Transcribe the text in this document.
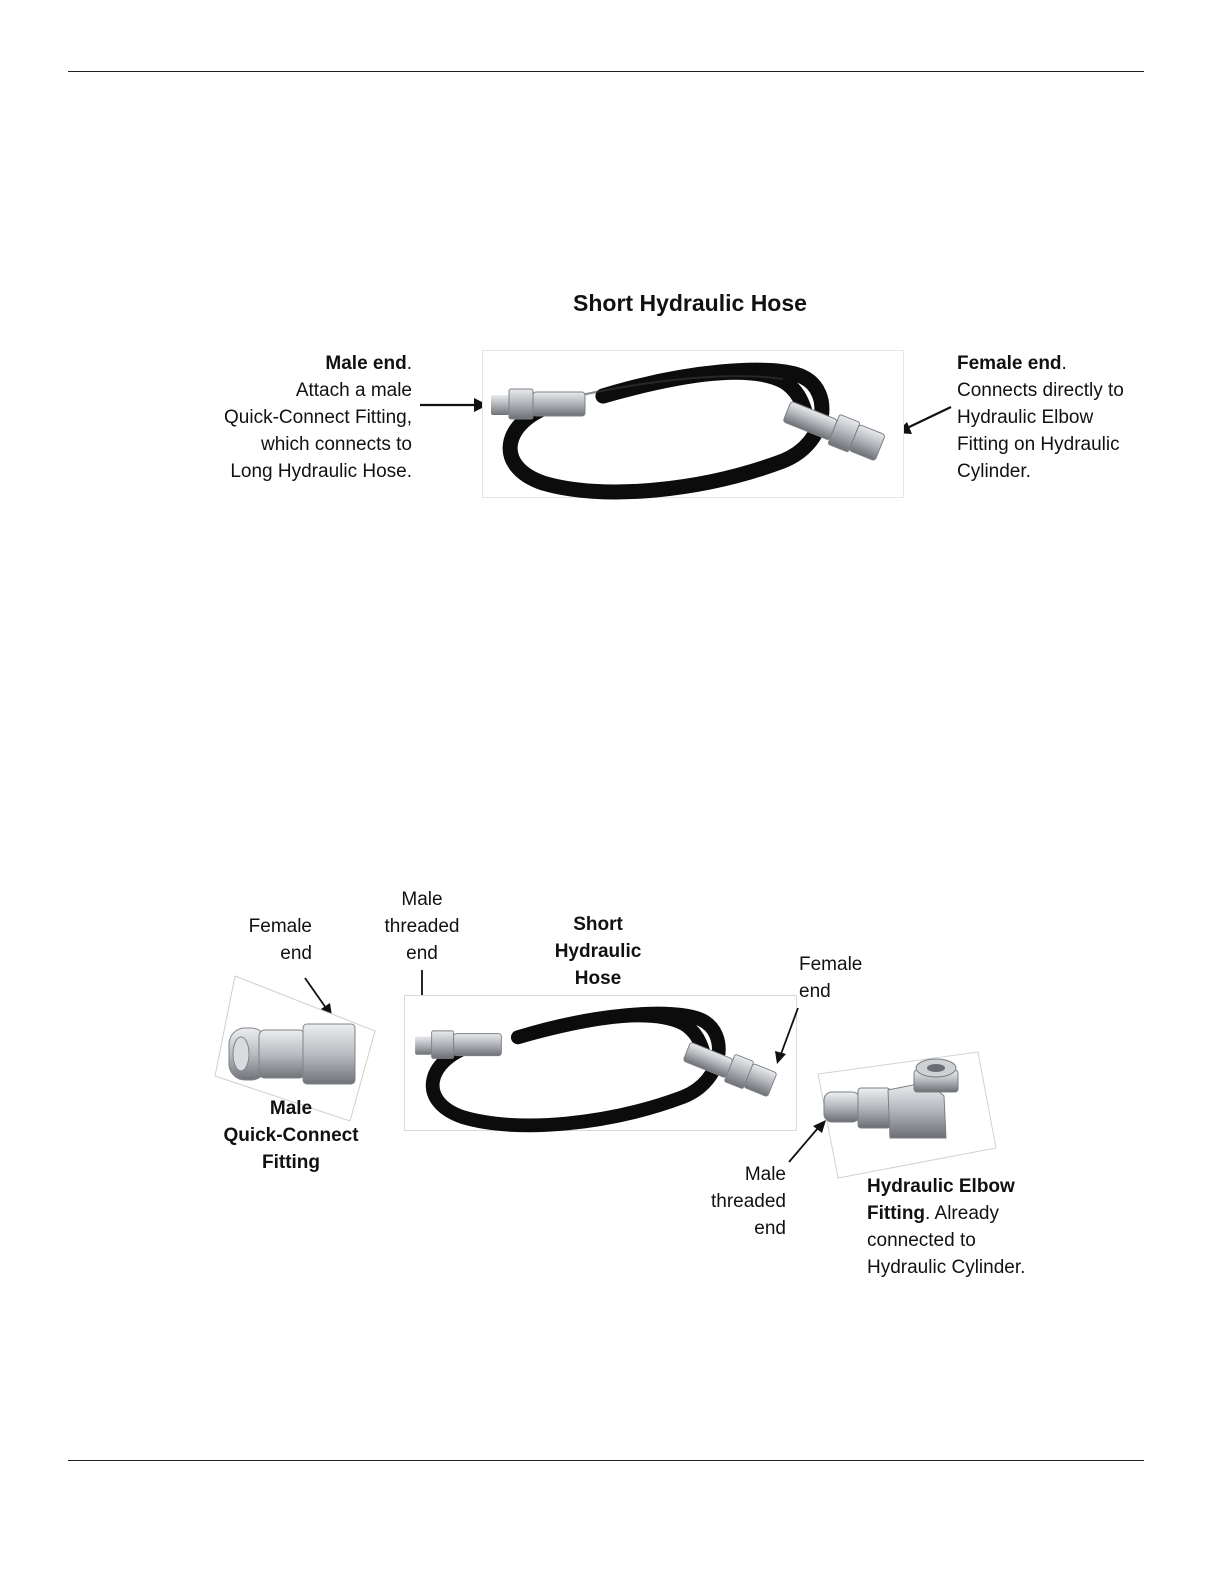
Short Hydraulic Hose
Male end.
Attach a male
Quick-Connect Fitting,
which connects to
Long Hydraulic Hose.
Female end.
Connects directly to
Hydraulic Elbow
Fitting on Hydraulic
Cylinder.
Female
end
Male
Quick-Connect
Fitting
Male
threaded
end
Short
Hydraulic
Hose
Female
end
Male
threaded
end
Hydraulic Elbow
Fitting. Already
connected to
Hydraulic Cylinder.
